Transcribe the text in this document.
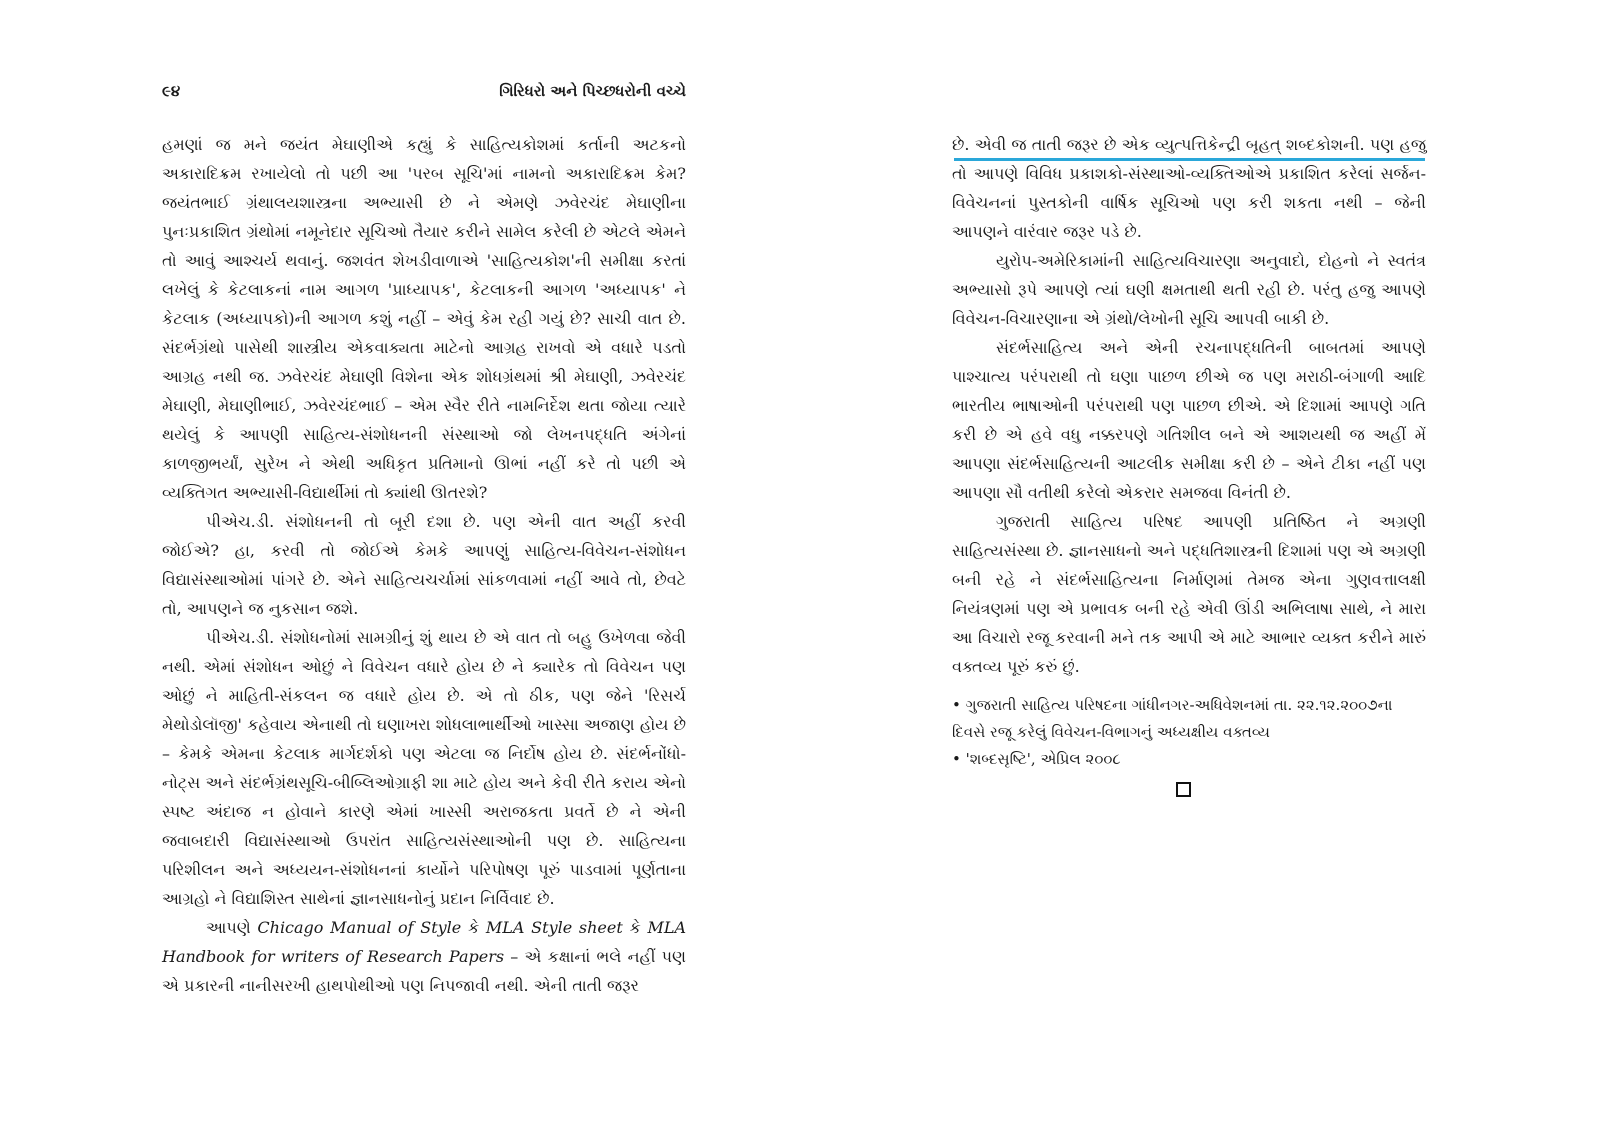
૯૪	ગિરિધરો અને પિચ્છધરોની વચ્ચે

હમણાં જ મને જયંત મેઘાણીએ કહ્યું કે સાહિત્યકોશમાં કર્તાની અટકનો અકારાદિક્રમ રખાયેલો તો પછી આ 'પરબ સૂચિ'માં નામનો અકારાદિક્રમ કેમ? જયંતભાઈ ગ્રંથાલયશાસ્ત્રના અભ્યાસી છે ને એમણે ઝવેરચંદ મેઘાણીના પુનઃપ્રકાશિત ગ્રંથોમાં નમૂનેદાર સૂચિઓ તૈયાર કરીને સામેલ કરેલી છે એટલે એમને તો આવું આશ્ચર્ય થવાનું. જશવંત શેખડીવાળાએ 'સાહિત્યકોશ'ની સમીક્ષા કરતાં લખેલું કે કેટલાકનાં નામ આગળ 'પ્રાધ્યાપક', કેટલાકની આગળ 'અધ્યાપક' ને કેટલાક (અધ્યાપકો)ની આગળ કશું નહીં – એવું કેમ રહી ગયું છે? સાચી વાત છે. સંદર્ભગ્રંથો પાસેથી શાસ્ત્રીય એકવાક્યતા માટેનો આગ્રહ રાખવો એ વધારે પડતો આગ્રહ નથી જ. ઝવેરચંદ મેઘાણી વિશેના એક શોધગ્રંથમાં શ્રી મેઘાણી, ઝવેરચંદ મેઘાણી, મેઘાણીભાઈ, ઝવેરચંદભાઈ – એમ સ્વૈર રીતે નામનિર્દેશ થતા જોયા ત્યારે થયેલું કે આપણી સાહિત્ય-સંશોધનની સંસ્થાઓ જો લેખનપદ્ધતિ અંગેનાં કાળજીભર્યાં, સુરેખ ને એથી અધિકૃત પ્રતિમાનો ઊભાં નહીં કરે તો પછી એ વ્યક્તિગત અભ્યાસી-વિદ્યાર્થીમાં તો ક્યાંથી ઊતરશે?

પીએચ.ડી. સંશોધનની તો બૂરી દશા છે. પણ એની વાત અહીં કરવી જોઈએ? હા, કરવી તો જોઈએ કેમકે આપણું સાહિત્ય-વિવેચન-સંશોધન વિદ્યાસંસ્થાઓમાં પાંગરે છે. એને સાહિત્યચર્ચામાં સાંકળવામાં નહીં આવે તો, છેવટે તો, આપણને જ નુકસાન જશે.

પીએચ.ડી. સંશોધનોમાં સામગ્રીનું શું થાય છે એ વાત તો બહુ ઉખેળવા જેવી નથી. એમાં સંશોધન ઓછું ને વિવેચન વધારે હોય છે ને ક્યારેક તો વિવેચન પણ ઓછું ને માહિતી-સંકલન જ વધારે હોય છે. એ તો ઠીક, પણ જેને 'રિસર્ચ મેથોડોલૉજી' કહેવાય એનાથી તો ઘણાખરા શોધલાભાર્થીઓ ખાસ્સા અજાણ હોય છે – કેમકે એમના કેટલાક માર્ગદર્શકો પણ એટલા જ નિર્દોષ હોય છે. સંદર્ભનોંધો-નોટ્સ અને સંદર્ભગ્રંથસૂચિ-બીબ્લિઓગ્રાફી શા માટે હોય અને કેવી રીતે કરાય એનો સ્પષ્ટ અંદાજ ન હોવાને કારણે એમાં ખાસ્સી અરાજકતા પ્રવર્તે છે ને એની જવાબદારી વિદ્યાસંસ્થાઓ ઉપરાંત સાહિત્યસંસ્થાઓની પણ છે. સાહિત્યના પરિશીલન અને અધ્યયન-સંશોધનનાં કાર્યોને પરિપોષણ પૂરું પાડવામાં પૂર્ણતાના આગ્રહો ને વિદ્યાશિસ્ત સાથેનાં જ્ઞાનસાધનોનું પ્રદાન નિર્વિવાદ છે.

આપણે Chicago Manual of Style કે MLA Style sheet કે MLA Handbook for writers of Research Papers – એ કક્ષાનાં ભલે નહીં પણ એ પ્રકારની નાનીસરખી હાથપોથીઓ પણ નિપજાવી નથી. એની તાતી જરૂર

છે. એવી જ તાતી જરૂર છે એક વ્યુત્પત્તિકેન્દ્રી બૃહત્ શબ્દકોશની. પણ હજુ તો આપણે વિવિધ પ્રકાશકો-સંસ્થાઓ-વ્યક્તિઓએ પ્રકાશિત કરેલાં સર્જન-વિવેચનનાં પુસ્તકોની વાર્ષિક સૂચિઓ પણ કરી શકતા નથી – જેની આપણને વારંવાર જરૂર પડે છે.

યુરોપ-અમેરિકામાંની સાહિત્યવિચારણા અનુવાદો, દોહનો ને સ્વતંત્ર અભ્યાસો રૂપે આપણે ત્યાં ઘણી ક્ષમતાથી થતી રહી છે. પરંતુ હજુ આપણે વિવેચન-વિચારણાના એ ગ્રંથો/લેખોની સૂચિ આપવી બાકી છે.

સંદર્ભસાહિત્ય અને એની રચનાપદ્ધતિની બાબતમાં આપણે પાશ્ચાત્ય પરંપરાથી તો ઘણા પાછળ છીએ જ પણ મરાઠી-બંગાળી આદિ ભારતીય ભાષાઓની પરંપરાથી પણ પાછળ છીએ. એ દિશામાં આપણે ગતિ કરી છે એ હવે વધુ નક્કરપણે ગતિશીલ બને એ આશયથી જ અહીં મેં આપણા સંદર્ભસાહિત્યની આટલીક સમીક્ષા કરી છે – એને ટીકા નહીં પણ આપણા સૌ વતીથી કરેલો એકરાર સમજવા વિનંતી છે.

ગુજરાતી સાહિત્ય પરિષદ આપણી પ્રતિષ્ઠિત ને અગ્રણી સાહિત્યસંસ્થા છે. જ્ઞાનસાધનો અને પદ્ધતિશાસ્ત્રની દિશામાં પણ એ અગ્રણી બની રહે ને સંદર્ભસાહિત્યના નિર્માણમાં તેમજ એના ગુણવત્તાલક્ષી નિયંત્રણમાં પણ એ પ્રભાવક બની રહે એવી ઊંડી અભિલાષા સાથે, ને મારા આ વિચારો રજૂ કરવાની મને તક આપી એ માટે આભાર વ્યક્ત કરીને મારું વક્તવ્ય પૂરું કરું છું.

• ગુજરાતી સાહિત્ય પરિષદના ગાંધીનગર-અધિવેશનમાં તા. ૨૨.૧૨.૨૦૦૭ના દિવસે રજૂ કરેલું વિવેચન-વિભાગનું અધ્યક્ષીય વક્તવ્ય
• 'શબ્દસૃષ્ટિ', એપ્રિલ ૨૦૦૮
